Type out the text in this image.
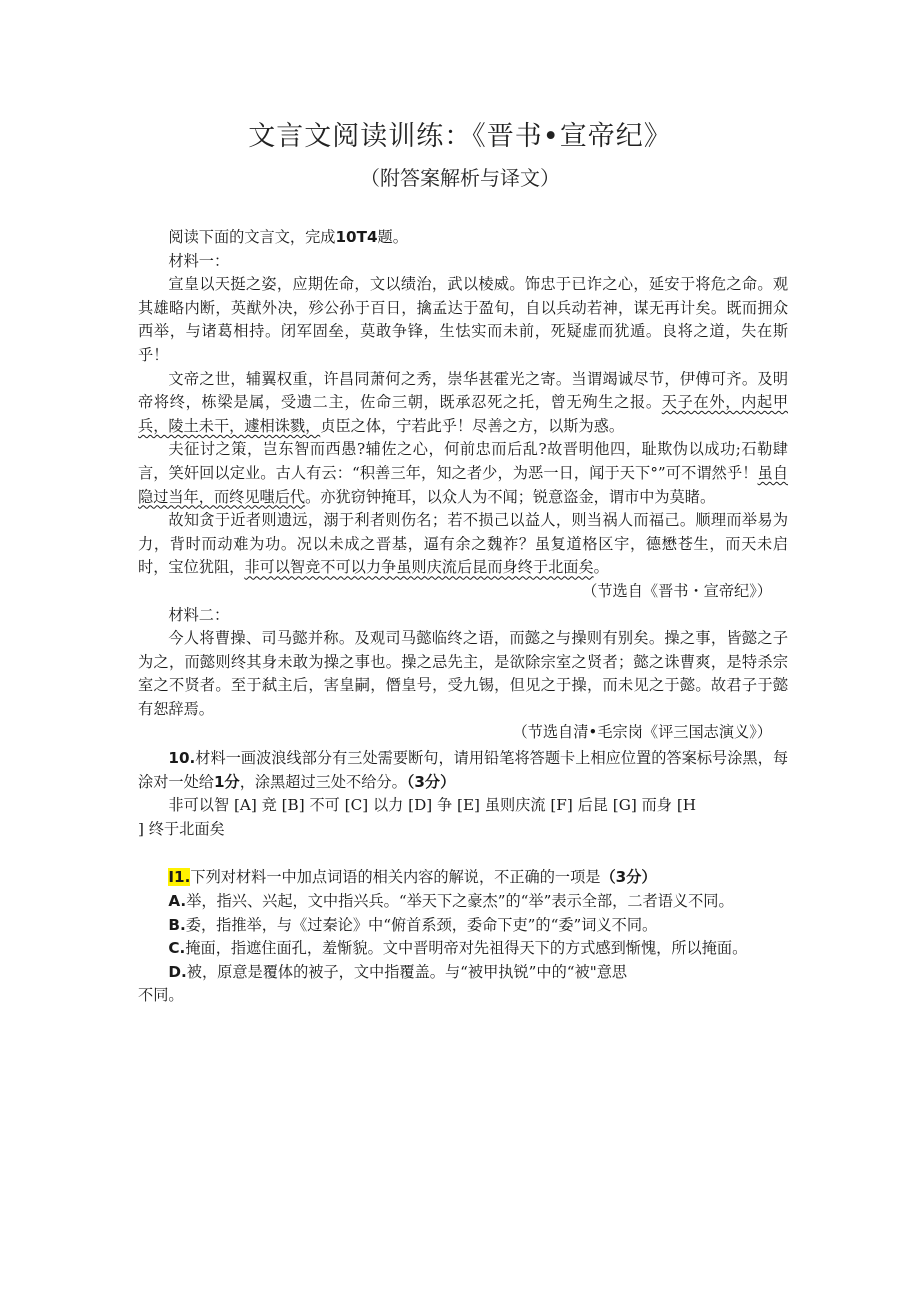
文言文阅读训练：《晋书•宣帝纪》
（附答案解析与译文）

阅读下面的文言文，完成10T4题。

材料一：

宣皇以天挺之姿，应期佐命，文以绩治，武以棱威。饰忠于已诈之心，延安于将危之命。观其雄略内断，英猷外决，殄公孙于百日，擒孟达于盈旬，自以兵动若神，谋无再计矣。既而拥众西举，与诸葛相持。闭军固垒，莫敢争锋，生怯实而未前，死疑虚而犹遁。良将之道，失在斯乎！

文帝之世，辅翼权重，许昌同萧何之秀，崇华甚霍光之寄。当谓竭诚尽节，伊傅可齐。及明帝将终，栋梁是属，受遗二主，佐命三朝，既承忍死之托，曾无殉生之报。天子在外，内起甲兵，陵土未干，遽相诛戮，贞臣之体，宁若此乎！尽善之方，以斯为惑。

夫征讨之策，岂东智而西愚?辅佐之心，何前忠而后乱?故晋明他四，耻欺伪以成功;石勒肆言，笑奸回以定业。古人有云：“积善三年，知之者少，为恶一日，闻于天下°”可不谓然乎！虽自隐过当年，而终见嗤后代。亦犹窃钟掩耳，以众人为不闻；锐意盗金，谓市中为莫睹。

故知贪于近者则遗远，溺于利者则伤名；若不损己以益人，则当祸人而福己。顺理而举易为力，背时而动难为功。况以未成之晋基，逼有余之魏祚？虽复道格区宇，德懋苍生，而天未启时，宝位犹阻，非可以智竞不可以力争虽则庆流后昆而身终于北面矣。

（节选自《晋书・宣帝纪》）

材料二：

今人将曹操、司马懿并称。及观司马懿临终之语，而懿之与操则有别矣。操之事，皆懿之子为之，而懿则终其身未敢为操之事也。操之忌先主，是欲除宗室之贤者；懿之诛曹爽，是特杀宗室之不贤者。至于弑主后，害皇嗣，僭皇号，受九锡，但见之于操，而未见之于懿。故君子于懿有恕辞焉。

（节选自清•毛宗岗《评三国志演义》）

10.材料一画波浪线部分有三处需要断句，请用铅笔将答题卡上相应位置的答案标号涂黑，每涂对一处给1分，涂黑超过三处不给分。（3分）

非可以智 [A] 竞 [B] 不可 [C] 以力 [D] 争 [E] 虽则庆流 [F] 后昆 [G] 而身 [H

] 终于北面矣

I1.下列对材料一中加点词语的相关内容的解说，不正确的一项是（3分）

A.举，指兴、兴起，文中指兴兵。“举天下之豪杰”的“举”表示全部，二者语义不同。

B.委，指推举，与《过秦论》中“俯首系颈，委命下吏”的“委”词义不同。

C.掩面，指遮住面孔，羞惭貌。文中晋明帝对先祖得天下的方式感到惭愧，所以掩面。

D.被，原意是覆体的被子，文中指覆盖。与“被甲执锐”中的“被"意思

不同。
